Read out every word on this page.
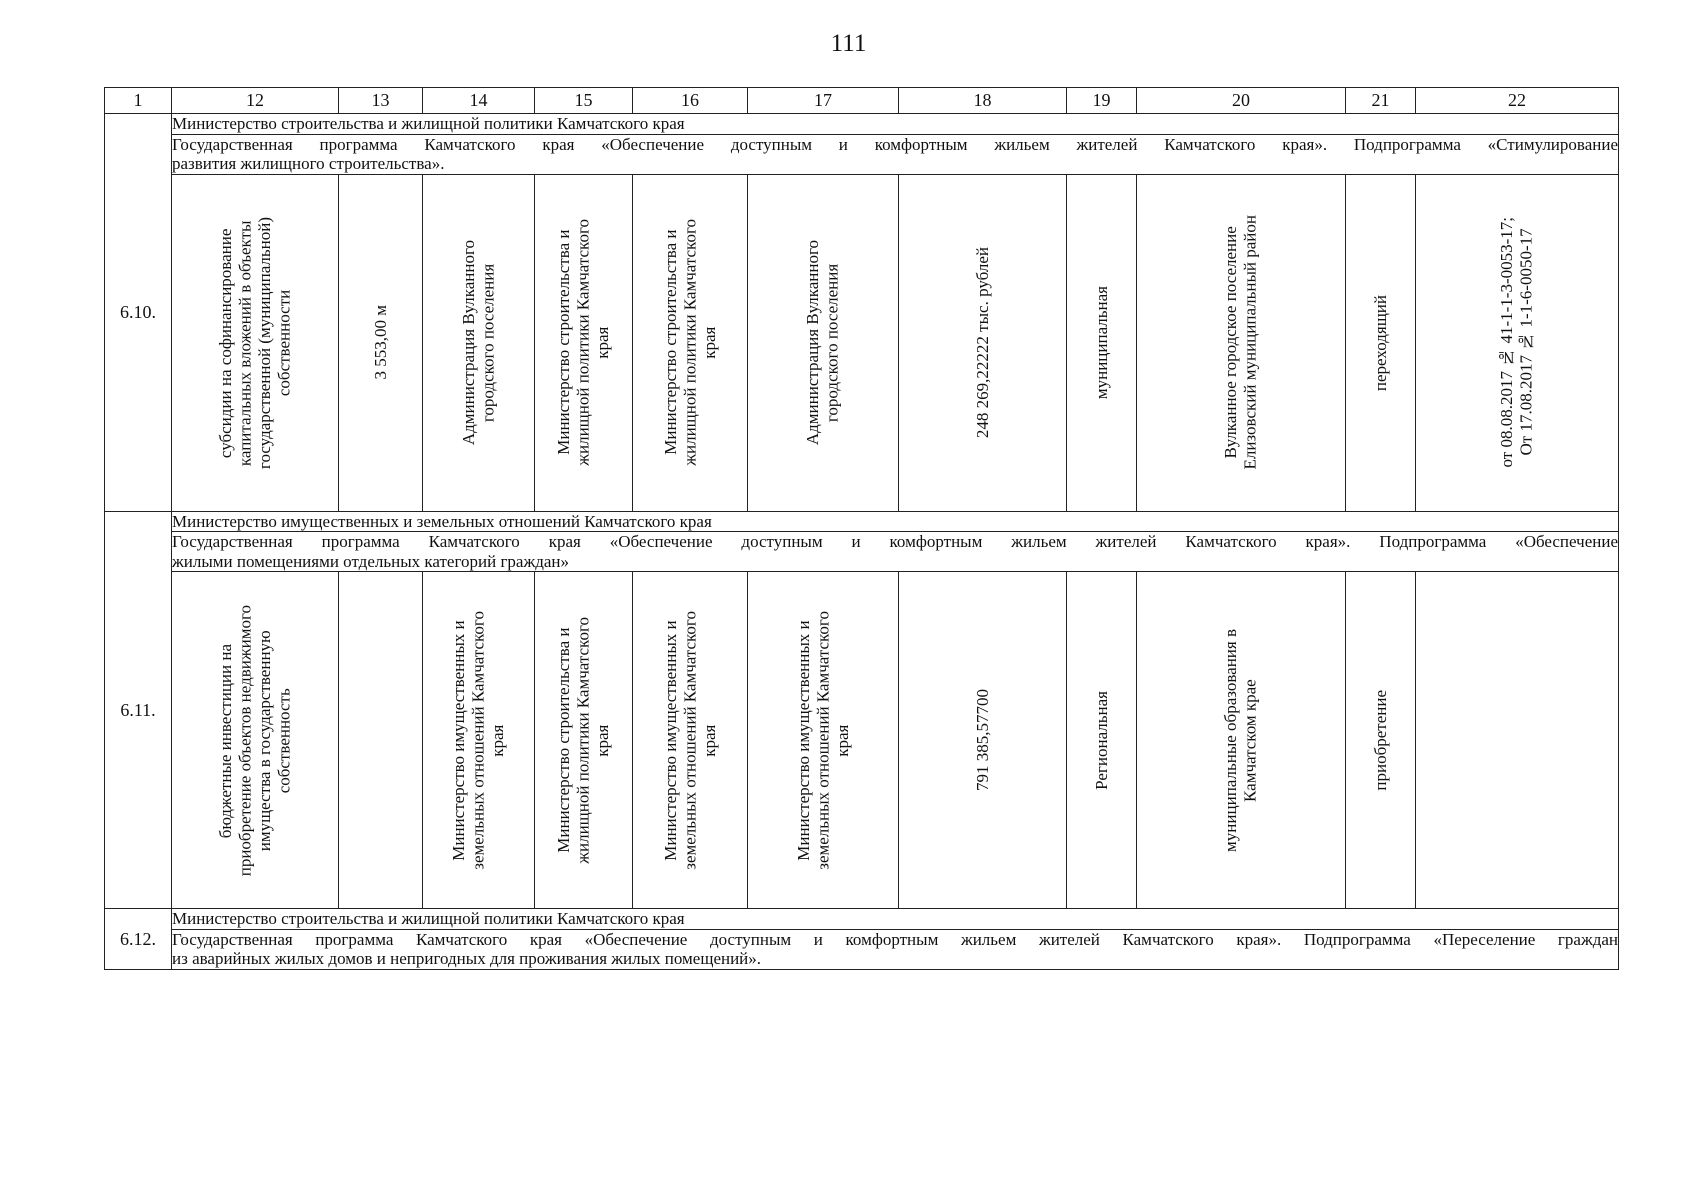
111
1	12	13	14	15	16	17	18	19	20	21	22
6.10.	Министерство строительства и жилищной политики Камчатского края										

	Государственная программа Камчатского края «Обеспечение доступным и комфортным жильем жителей Камчатского края». Подпрограмма «Стимулирование
развития жилищного строительства».										

	субсидии на софинансирование
капитальных вложений в объекты
государственной (муниципальной)
собственности	3 553,00 м	Администрация Вулканного
городского поселения	Министерство строительства и
жилищной политики Камчатского
края	Министерство строительства и
жилищной политики Камчатского
края	Администрация Вулканного
городского поселения	248 269,22222 тыс. рублей	муниципальная	Вулканное городское поселение
Елизовский муниципальный район	переходящий	от 08.08.2017 № 41-1-1-3-0053-17;
От 17.08.2017 № 1-1-6-0050-17

6.11.	Министерство имущественных и земельных отношений Камчатского края										

	Государственная программа Камчатского края «Обеспечение доступным и комфортным жильем жителей Камчатского края». Подпрограмма «Обеспечение
жилыми помещениями отдельных категорий граждан»										

	бюджетные инвестиции на
приобретение объектов недвижимого
имущества в государственную
собственность		Министерство имущественных и
земельных отношений Камчатского
края	Министерство строительства и
жилищной политики Камчатского
края	Министерство имущественных и
земельных отношений Камчатского
края	Министерство имущественных и
земельных отношений Камчатского
края	791 385,57700	Региональная	муниципальные образования в
Камчатском крае	приобретение	

6.12.	Министерство строительства и жилищной политики Камчатского края										

	Государственная программа Камчатского края «Обеспечение доступным и комфортным жильем жителей Камчатского края». Подпрограмма «Переселение граждан
из аварийных жилых домов и непригодных для проживания жилых помещений».										
